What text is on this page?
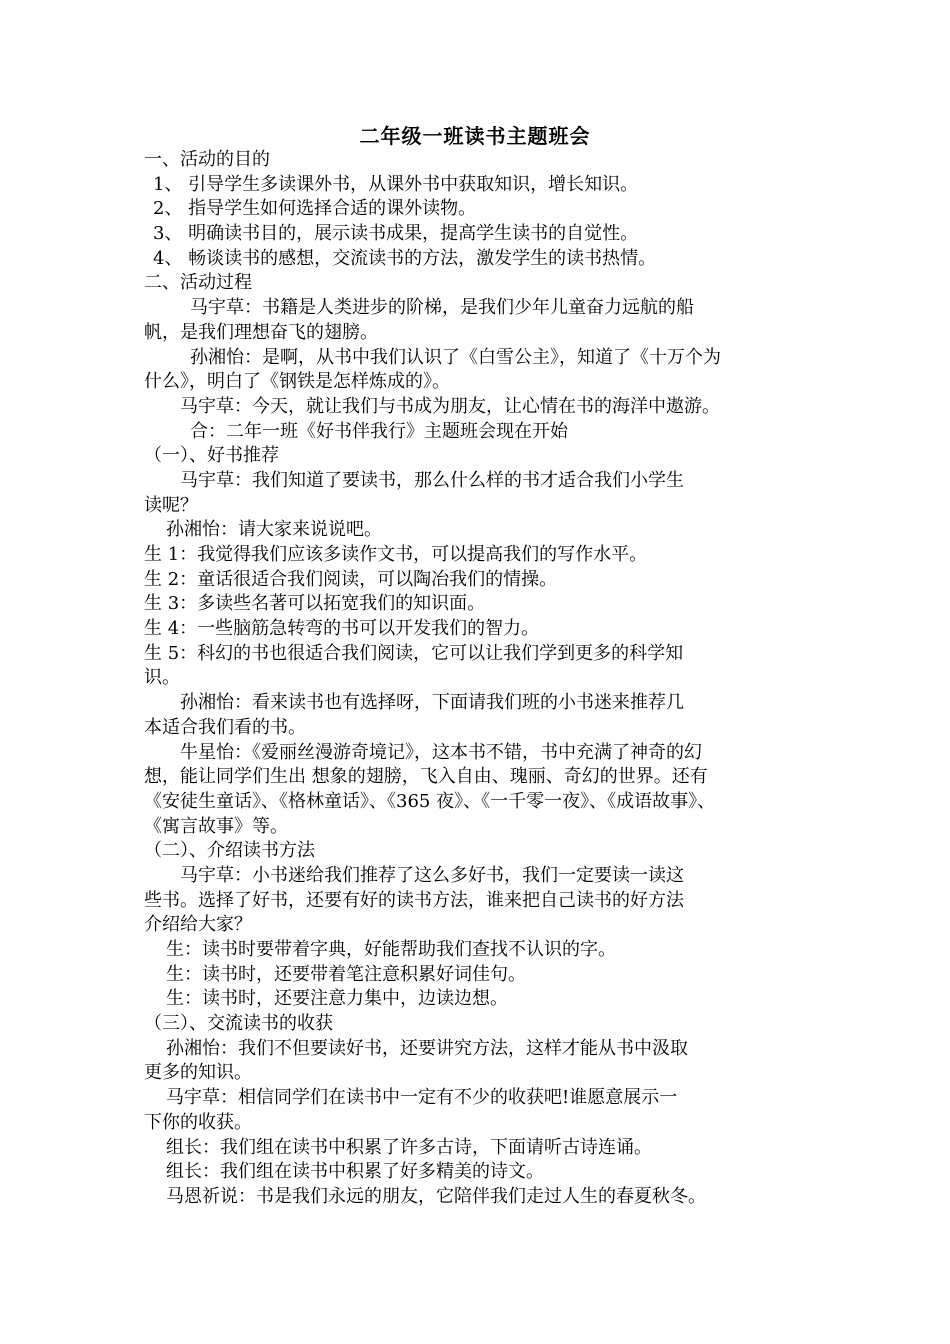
二年级一班读书主题班会
一、活动的目的
1、 引导学生多读课外书，从课外书中获取知识，增长知识。
2、 指导学生如何选择合适的课外读物。
3、 明确读书目的，展示读书成果，提高学生读书的自觉性。
4、 畅谈读书的感想，交流读书的方法，激发学生的读书热情。
二、活动过程
马宇草：书籍是人类进步的阶梯，是我们少年儿童奋力远航的船
帆，是我们理想奋飞的翅膀。
孙湘怡：是啊，从书中我们认识了《白雪公主》，知道了《十万个为
什么》，明白了《钢铁是怎样炼成的》。
马宇草：今天，就让我们与书成为朋友，让心情在书的海洋中遨游。
合：二年一班《好书伴我行》主题班会现在开始
（一）、好书推荐
马宇草：我们知道了要读书，那么什么样的书才适合我们小学生
读呢？
孙湘怡：请大家来说说吧。
生 1：我觉得我们应该多读作文书，可以提高我们的写作水平。
生 2：童话很适合我们阅读，可以陶冶我们的情操。
生 3：多读些名著可以拓宽我们的知识面。
生 4：一些脑筋急转弯的书可以开发我们的智力。
生 5：科幻的书也很适合我们阅读，它可以让我们学到更多的科学知
识。
孙湘怡：看来读书也有选择呀，下面请我们班的小书迷来推荐几
本适合我们看的书。
牛星怡：《爱丽丝漫游奇境记》，这本书不错，书中充满了神奇的幻
想，能让同学们生出 想象的翅膀，飞入自由、瑰丽、奇幻的世界。还有
《安徒生童话》、《格林童话》、《365 夜》、《一千零一夜》、《成语故事》、
《寓言故事》等。
（二）、介绍读书方法
马宇草：小书迷给我们推荐了这么多好书，我们一定要读一读这
些书。选择了好书，还要有好的读书方法，谁来把自己读书的好方法
介绍给大家？
生：读书时要带着字典，好能帮助我们查找不认识的字。
生：读书时，还要带着笔注意积累好词佳句。
生：读书时，还要注意力集中，边读边想。
（三）、交流读书的收获
孙湘怡：我们不但要读好书，还要讲究方法，这样才能从书中汲取
更多的知识。
马宇草：相信同学们在读书中一定有不少的收获吧!谁愿意展示一
下你的收获。
组长：我们组在读书中积累了许多古诗，下面请听古诗连诵。
组长：我们组在读书中积累了好多精美的诗文。
马恩祈说：书是我们永远的朋友，它陪伴我们走过人生的春夏秋冬。
